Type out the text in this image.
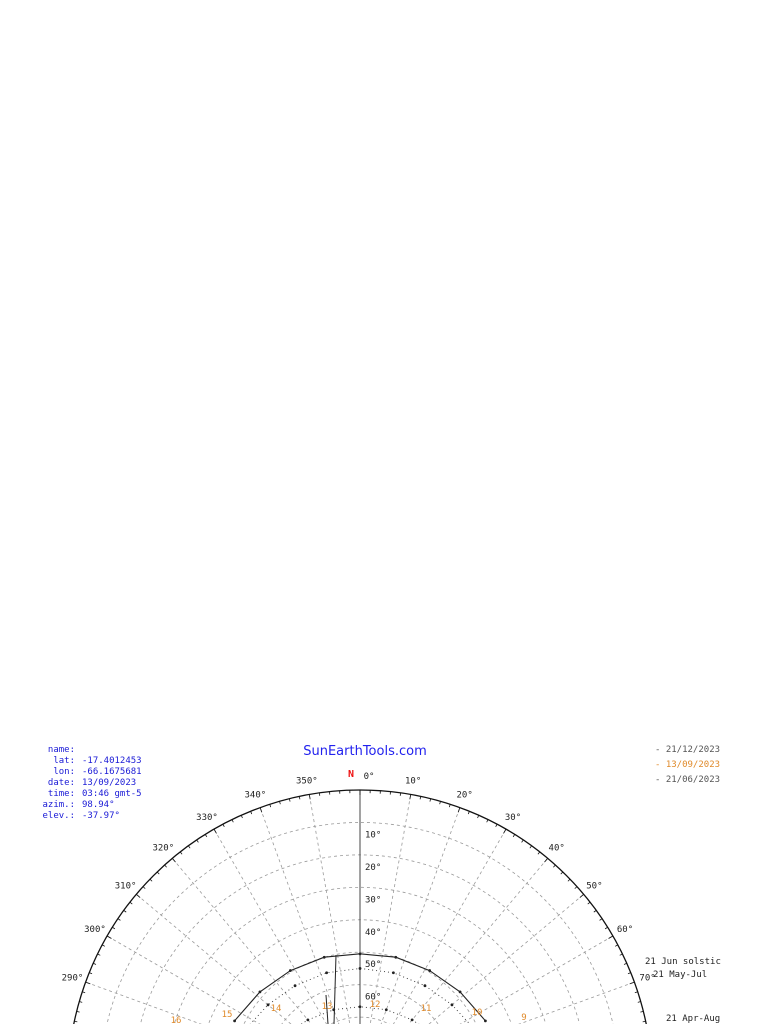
SunEarthTools.com
name:
lat: -17.4012453
lon: -66.1675681
date: 13/09/2023
time: 03:46 gmt-5
azim.: 98.94°
elev.: -37.97°
- 21/12/2023
- 13/09/2023
- 21/06/2023
290°
300°
310°
320°
330°
340°
350°	0°	10°
20°
30°
40°
50°
60°
70°
10°
20°
30°
40°
50°
60°
21 Jun solstic
21 May-Jul
21 Apr-Aug
16
15
14	13	12	11	10	9
N
